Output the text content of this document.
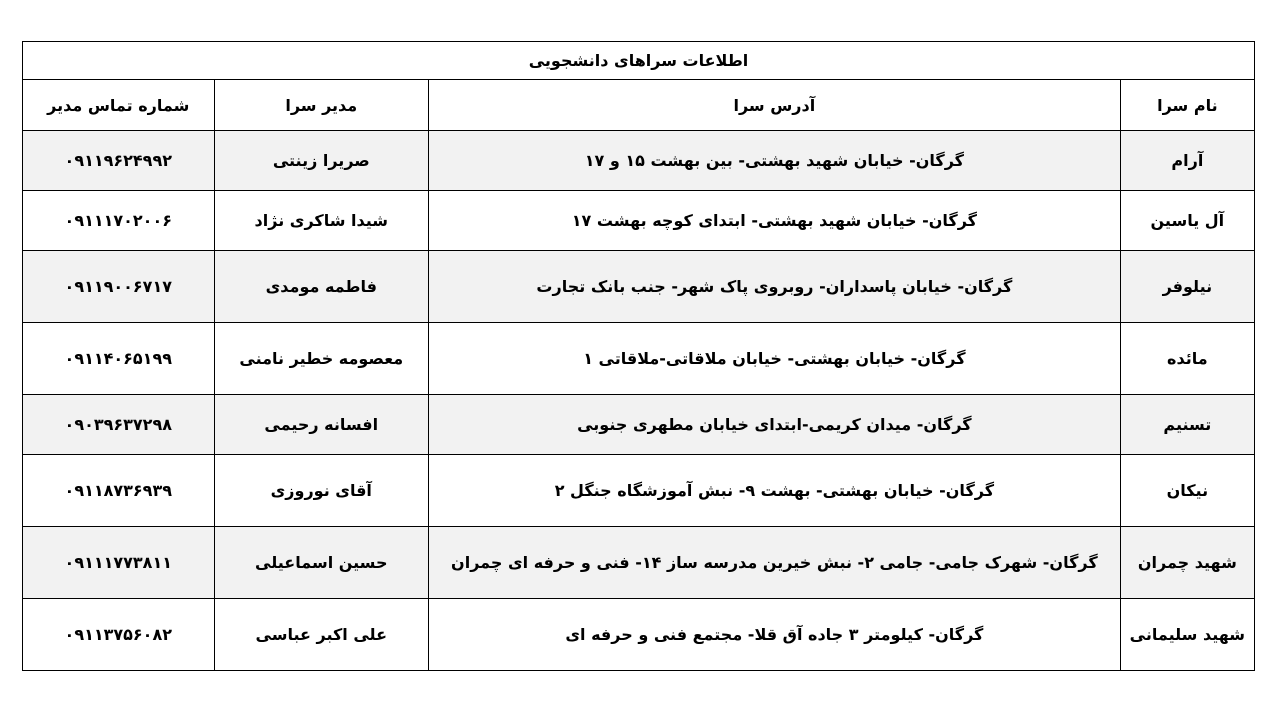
اطلاعات سراهای دانشجویی			
نام سرا	آدرس سرا	مدیر سرا	شماره تماس مدیر
آرام	گرگان- خیابان شهید بهشتی- بین بهشت ۱۵ و ۱۷	صریرا زینتی	۰۹۱۱۹۶۲۴۹۹۲
آل یاسین	گرگان- خیابان شهید بهشتی- ابتدای کوچه بهشت ۱۷	شیدا شاکری نژاد	۰۹۱۱۱۷۰۲۰۰۶
نیلوفر	گرگان- خیابان پاسداران- روبروی پاک شهر- جنب بانک تجارت	فاطمه مومدی	۰۹۱۱۹۰۰۶۷۱۷
مائده	گرگان- خیابان بهشتی- خیابان ملاقاتی-ملاقاتی ۱	معصومه خطیر نامنی	۰۹۱۱۴۰۶۵۱۹۹
تسنیم	گرگان- میدان کریمی-ابتدای خیابان مطهری جنوبی	افسانه رحیمی	۰۹۰۳۹۶۳۷۲۹۸
نیکان	گرگان- خیابان بهشتی- بهشت ۹- نبش آموزشگاه جنگل ۲	آقای نوروزی	۰۹۱۱۸۷۳۶۹۳۹
شهید چمران	گرگان- شهرک جامی- جامی ۲- نبش خیرین مدرسه ساز ۱۴- فنی و حرفه ای چمران	حسین اسماعیلی	۰۹۱۱۱۷۷۳۸۱۱
شهید سلیمانی	گرگان- کیلومتر ۳ جاده آق قلا- مجتمع فنی و حرفه ای	علی اکبر عباسی	۰۹۱۱۳۷۵۶۰۸۲
